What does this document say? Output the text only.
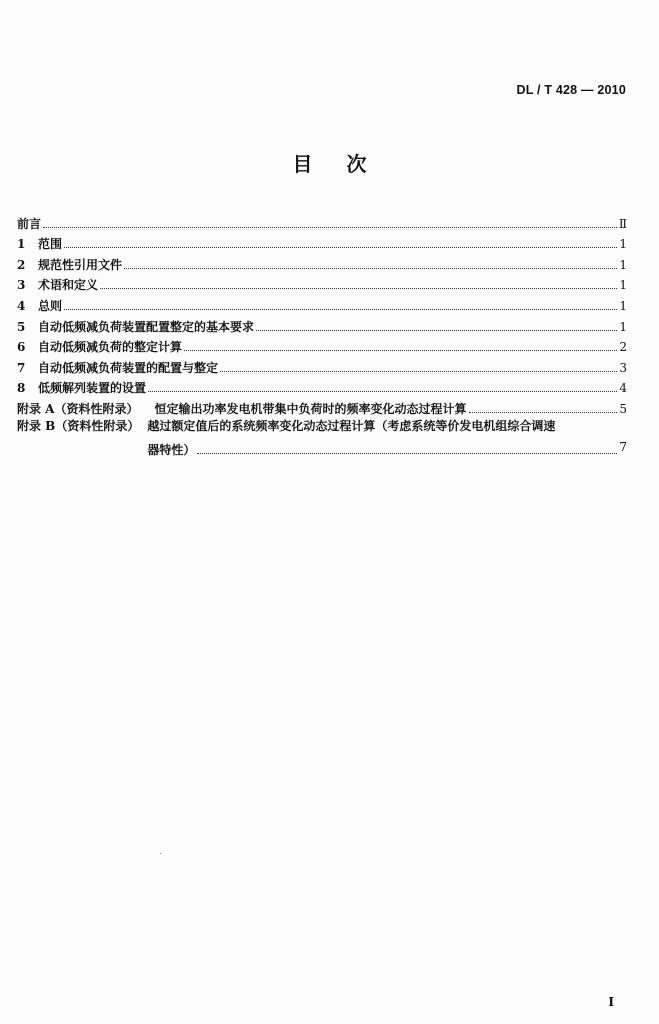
DL / T 428 — 2010
目次
前言	Ⅱ
1	范围	1
2	规范性引用文件	1
3	术语和定义	1
4	总则	1
5	自动低频减负荷装置配置整定的基本要求	1
6	自动低频减负荷的整定计算	2
7	自动低频减负荷装置的配置与整定	3
8	低频解列装置的设置	4
附录 A（资料性附录）	恒定输出功率发电机带集中负荷时的频率变化动态过程计算	5
附录 B（资料性附录） 越过额定值后的系统频率变化动态过程计算（考虑系统等价发电机组综合调速
器特性）	7
I
